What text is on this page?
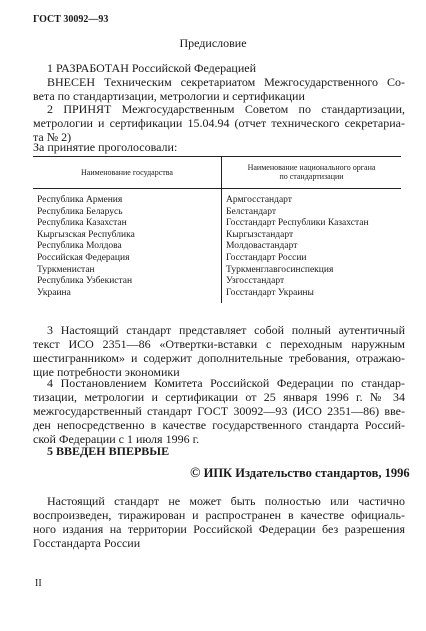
ГОСТ 30092—93
Предисловие
1 РАЗРАБОТАН Российской Федерацией
ВНЕСЕН Техническим секретариатом Межгосударственного Со-
вета по стандартизации, метрологии и сертификации
2 ПРИНЯТ Межгосударственным Советом по стандартизации,
метрологии и сертификации 15.04.94 (отчет технического секретариа-
та № 2)
За принятие проголосовали:
Наименование государства	Наименование национального органа
по стандартизации
Республика Армения	Армгосстандарт
Республика Беларусь	Белстандарт
Республика Казахстан	Госстандарт Республики Казахстан
Кыргызская Республика	Кыргызстандарт
Республика Молдова	Молдовастандарт
Российская Федерация	Госстандарт России
Туркменистан	Туркменглавгосинспекция
Республика Узбекистан	Узгосстандарт
Украина	Госстандарт Украины
3 Настоящий стандарт представляет собой полный аутентичный
текст ИСО 2351—86 «Отвертки-вставки с переходным наружным
шестигранником» и содержит дополнительные требования, отражаю-
щие потребности экономики
4 Постановлением Комитета Российской Федерации по стандар-
тизации, метрологии и сертификации от 25 января 1996 г. № 34
межгосударственный стандарт ГОСТ 30092—93 (ИСО 2351—86) вве-
ден непосредственно в качестве государственного стандарта Россий-
ской Федерации с 1 июля 1996 г.
5 ВВЕДЕН ВПЕРВЫЕ
© ИПК Издательство стандартов, 1996
Настоящий стандарт не может быть полностью или частично
воспроизведен, тиражирован и распространен в качестве официаль-
ного издания на территории Российской Федерации без разрешения
Госстандарта России
II
